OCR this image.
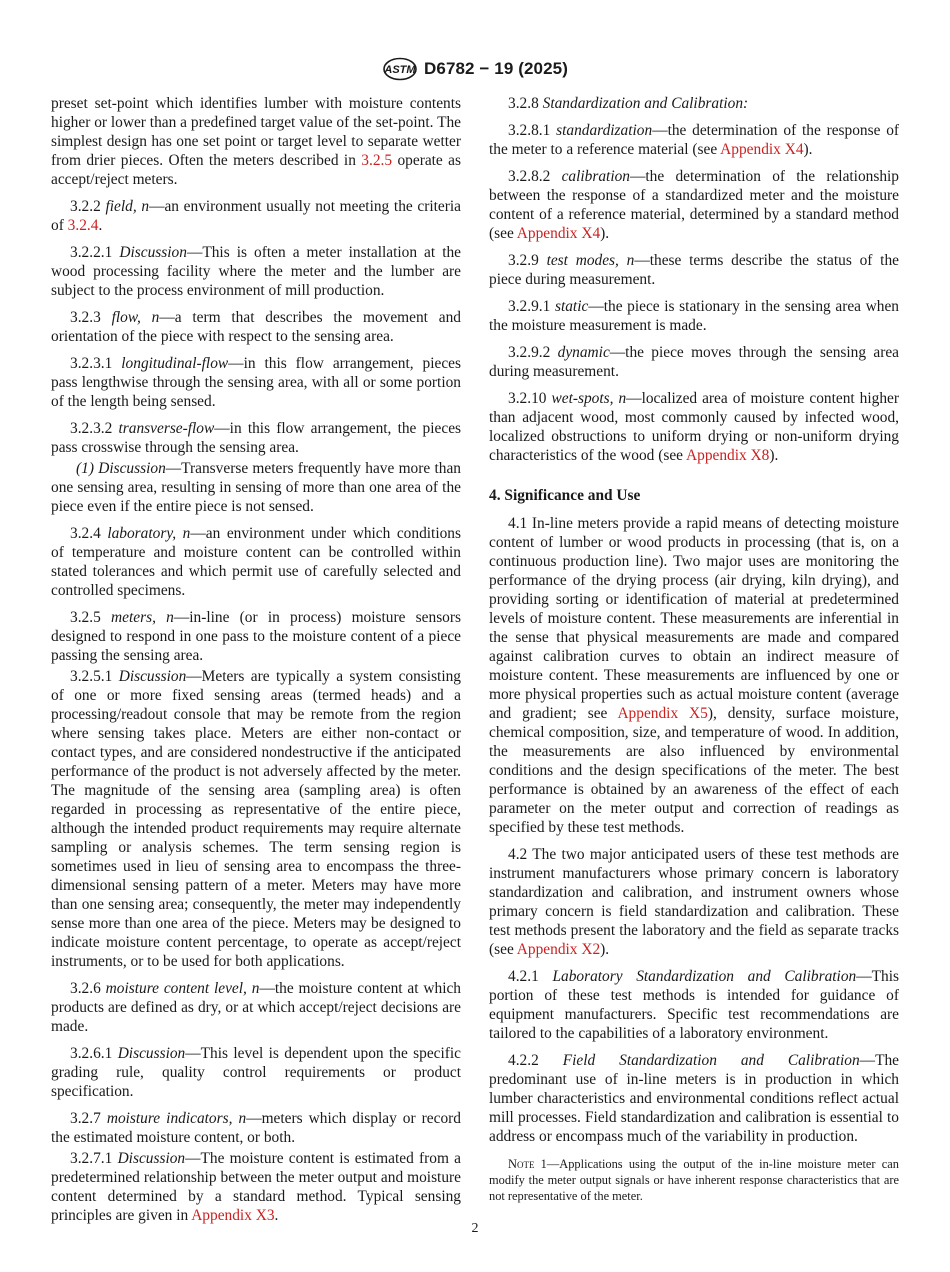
ASTM D6782 − 19 (2025)

preset set-point which identifies lumber with moisture contents higher or lower than a predefined target value of the set-point. The simplest design has one set point or target level to separate wetter from drier pieces. Often the meters described in 3.2.5 operate as accept/reject meters.

3.2.2 field, n—an environment usually not meeting the criteria of 3.2.4.

3.2.2.1 Discussion—This is often a meter installation at the wood processing facility where the meter and the lumber are subject to the process environment of mill production.

3.2.3 flow, n—a term that describes the movement and orientation of the piece with respect to the sensing area.

3.2.3.1 longitudinal-flow—in this flow arrangement, pieces pass lengthwise through the sensing area, with all or some portion of the length being sensed.

3.2.3.2 transverse-flow—in this flow arrangement, the pieces pass crosswise through the sensing area.

(1) Discussion—Transverse meters frequently have more than one sensing area, resulting in sensing of more than one area of the piece even if the entire piece is not sensed.

3.2.4 laboratory, n—an environment under which conditions of temperature and moisture content can be controlled within stated tolerances and which permit use of carefully selected and controlled specimens.

3.2.5 meters, n—in-line (or in process) moisture sensors designed to respond in one pass to the moisture content of a piece passing the sensing area.

3.2.5.1 Discussion—Meters are typically a system consisting of one or more fixed sensing areas (termed heads) and a processing/readout console that may be remote from the region where sensing takes place. Meters are either non-contact or contact types, and are considered nondestructive if the anticipated performance of the product is not adversely affected by the meter. The magnitude of the sensing area (sampling area) is often regarded in processing as representative of the entire piece, although the intended product requirements may require alternate sampling or analysis schemes. The term sensing region is sometimes used in lieu of sensing area to encompass the three-dimensional sensing pattern of a meter. Meters may have more than one sensing area; consequently, the meter may independently sense more than one area of the piece. Meters may be designed to indicate moisture content percentage, to operate as accept/reject instruments, or to be used for both applications.

3.2.6 moisture content level, n—the moisture content at which products are defined as dry, or at which accept/reject decisions are made.

3.2.6.1 Discussion—This level is dependent upon the specific grading rule, quality control requirements or product specification.

3.2.7 moisture indicators, n—meters which display or record the estimated moisture content, or both.

3.2.7.1 Discussion—The moisture content is estimated from a predetermined relationship between the meter output and moisture content determined by a standard method. Typical sensing principles are given in Appendix X3.

3.2.8 Standardization and Calibration:

3.2.8.1 standardization—the determination of the response of the meter to a reference material (see Appendix X4).

3.2.8.2 calibration—the determination of the relationship between the response of a standardized meter and the moisture content of a reference material, determined by a standard method (see Appendix X4).

3.2.9 test modes, n—these terms describe the status of the piece during measurement.

3.2.9.1 static—the piece is stationary in the sensing area when the moisture measurement is made.

3.2.9.2 dynamic—the piece moves through the sensing area during measurement.

3.2.10 wet-spots, n—localized area of moisture content higher than adjacent wood, most commonly caused by infected wood, localized obstructions to uniform drying or non-uniform drying characteristics of the wood (see Appendix X8).

4. Significance and Use

4.1 In-line meters provide a rapid means of detecting moisture content of lumber or wood products in processing (that is, on a continuous production line). Two major uses are monitoring the performance of the drying process (air drying, kiln drying), and providing sorting or identification of material at predetermined levels of moisture content. These measurements are inferential in the sense that physical measurements are made and compared against calibration curves to obtain an indirect measure of moisture content. These measurements are influenced by one or more physical properties such as actual moisture content (average and gradient; see Appendix X5), density, surface moisture, chemical composition, size, and temperature of wood. In addition, the measurements are also influenced by environmental conditions and the design specifications of the meter. The best performance is obtained by an awareness of the effect of each parameter on the meter output and correction of readings as specified by these test methods.

4.2 The two major anticipated users of these test methods are instrument manufacturers whose primary concern is laboratory standardization and calibration, and instrument owners whose primary concern is field standardization and calibration. These test methods present the laboratory and the field as separate tracks (see Appendix X2).

4.2.1 Laboratory Standardization and Calibration—This portion of these test methods is intended for guidance of equipment manufacturers. Specific test recommendations are tailored to the capabilities of a laboratory environment.

4.2.2 Field Standardization and Calibration—The predominant use of in-line meters is in production in which lumber characteristics and environmental conditions reflect actual mill processes. Field standardization and calibration is essential to address or encompass much of the variability in production.

Note 1—Applications using the output of the in-line moisture meter can modify the meter output signals or have inherent response characteristics that are not representative of the meter.

2
